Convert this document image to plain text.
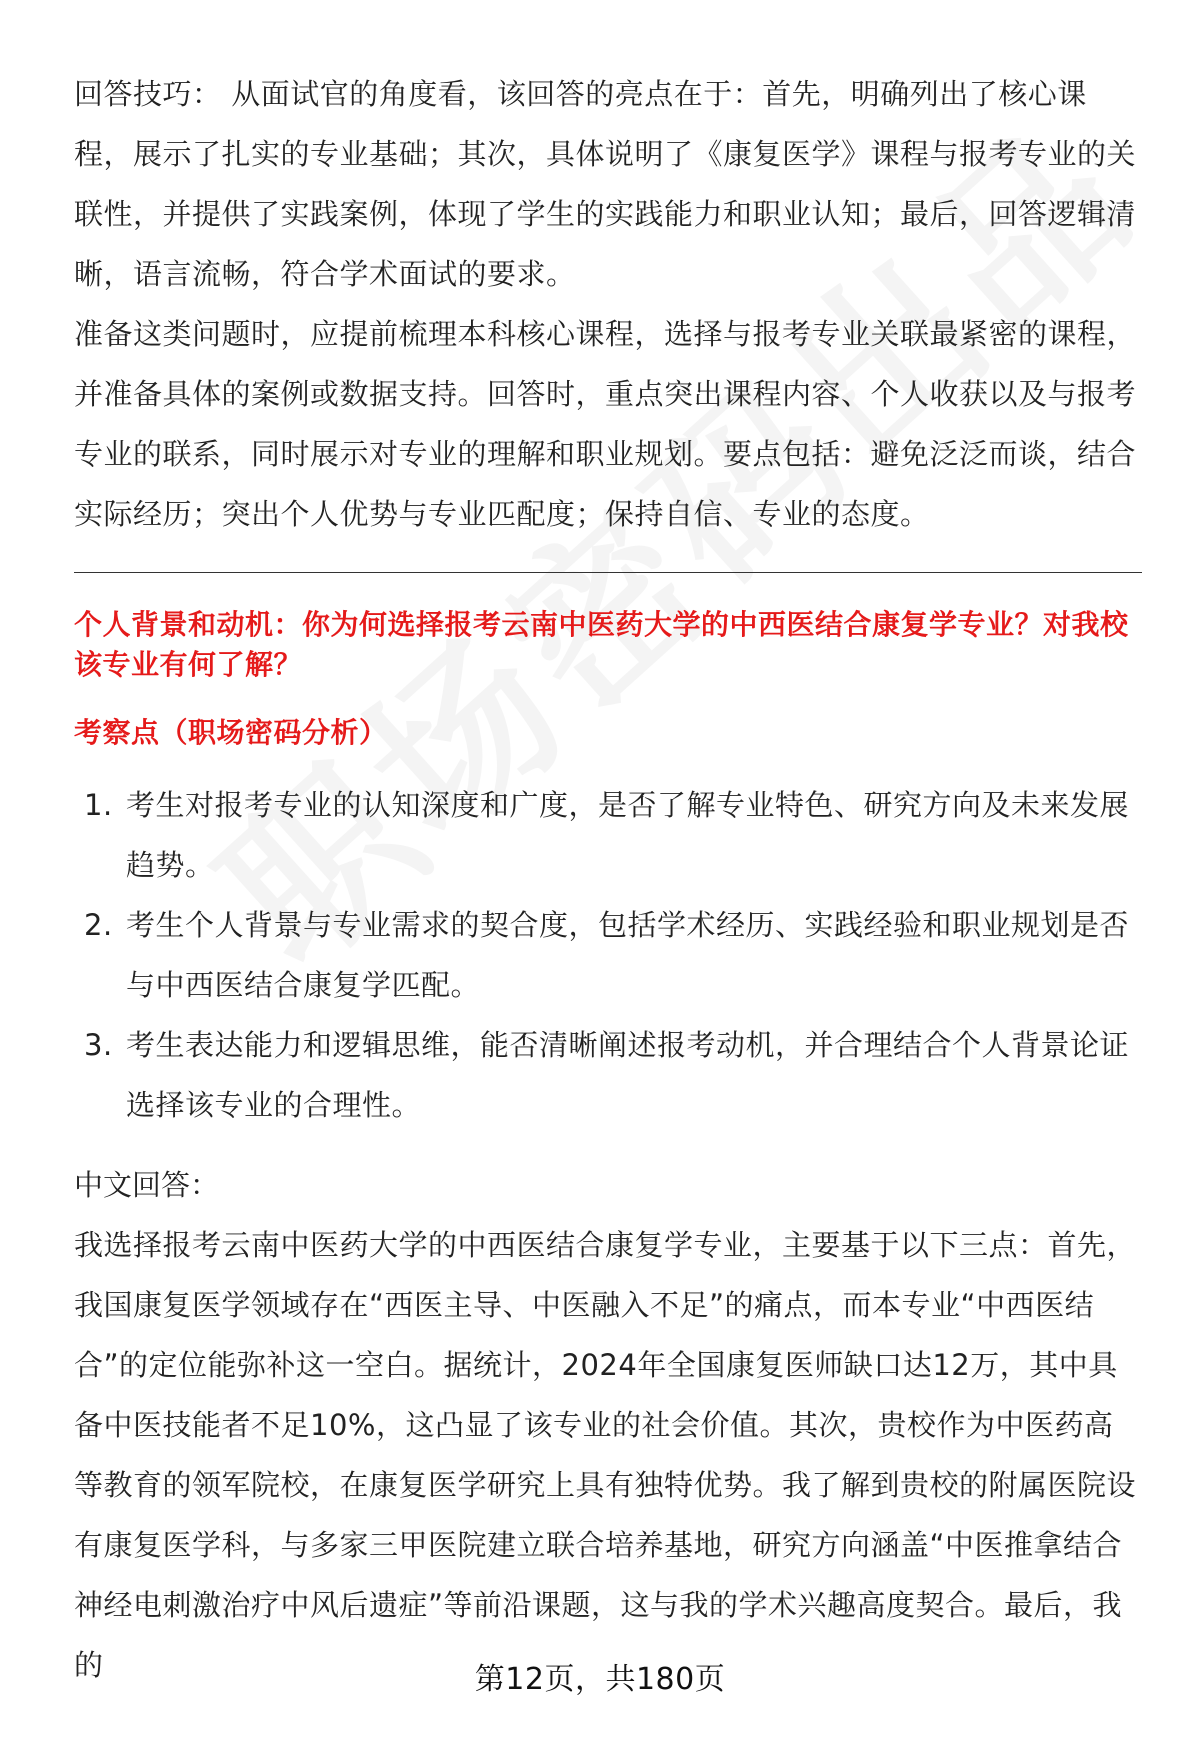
回答技巧： 从面试官的角度看，该回答的亮点在于：首先，明确列出了核心课程，展示了扎实的专业基础；其次，具体说明了《康复医学》课程与报考专业的关联性，并提供了实践案例，体现了学生的实践能力和职业认知；最后，回答逻辑清晰，语言流畅，符合学术面试的要求。

准备这类问题时，应提前梳理本科核心课程，选择与报考专业关联最紧密的课程，并准备具体的案例或数据支持。回答时，重点突出课程内容、个人收获以及与报考专业的联系，同时展示对专业的理解和职业规划。要点包括：避免泛泛而谈，结合实际经历；突出个人优势与专业匹配度；保持自信、专业的态度。

个人背景和动机：你为何选择报考云南中医药大学的中西医结合康复学专业？对我校该专业有何了解？

考察点（职场密码分析）

1. 考生对报考专业的认知深度和广度，是否了解专业特色、研究方向及未来发展趋势。
2. 考生个人背景与专业需求的契合度，包括学术经历、实践经验和职业规划是否与中西医结合康复学匹配。
3. 考生表达能力和逻辑思维，能否清晰阐述报考动机，并合理结合个人背景论证选择该专业的合理性。

中文回答：

我选择报考云南中医药大学的中西医结合康复学专业，主要基于以下三点：首先，我国康复医学领域存在“西医主导、中医融入不足”的痛点，而本专业“中西医结合”的定位能弥补这一空白。据统计，2024年全国康复医师缺口达12万，其中具备中医技能者不足10%，这凸显了该专业的社会价值。其次，贵校作为中医药高等教育的领军院校，在康复医学研究上具有独特优势。我了解到贵校的附属医院设有康复医学科，与多家三甲医院建立联合培养基地，研究方向涵盖“中医推拿结合神经电刺激治疗中风后遗症”等前沿课题，这与我的学术兴趣高度契合。最后，我的	第12页，共180页
